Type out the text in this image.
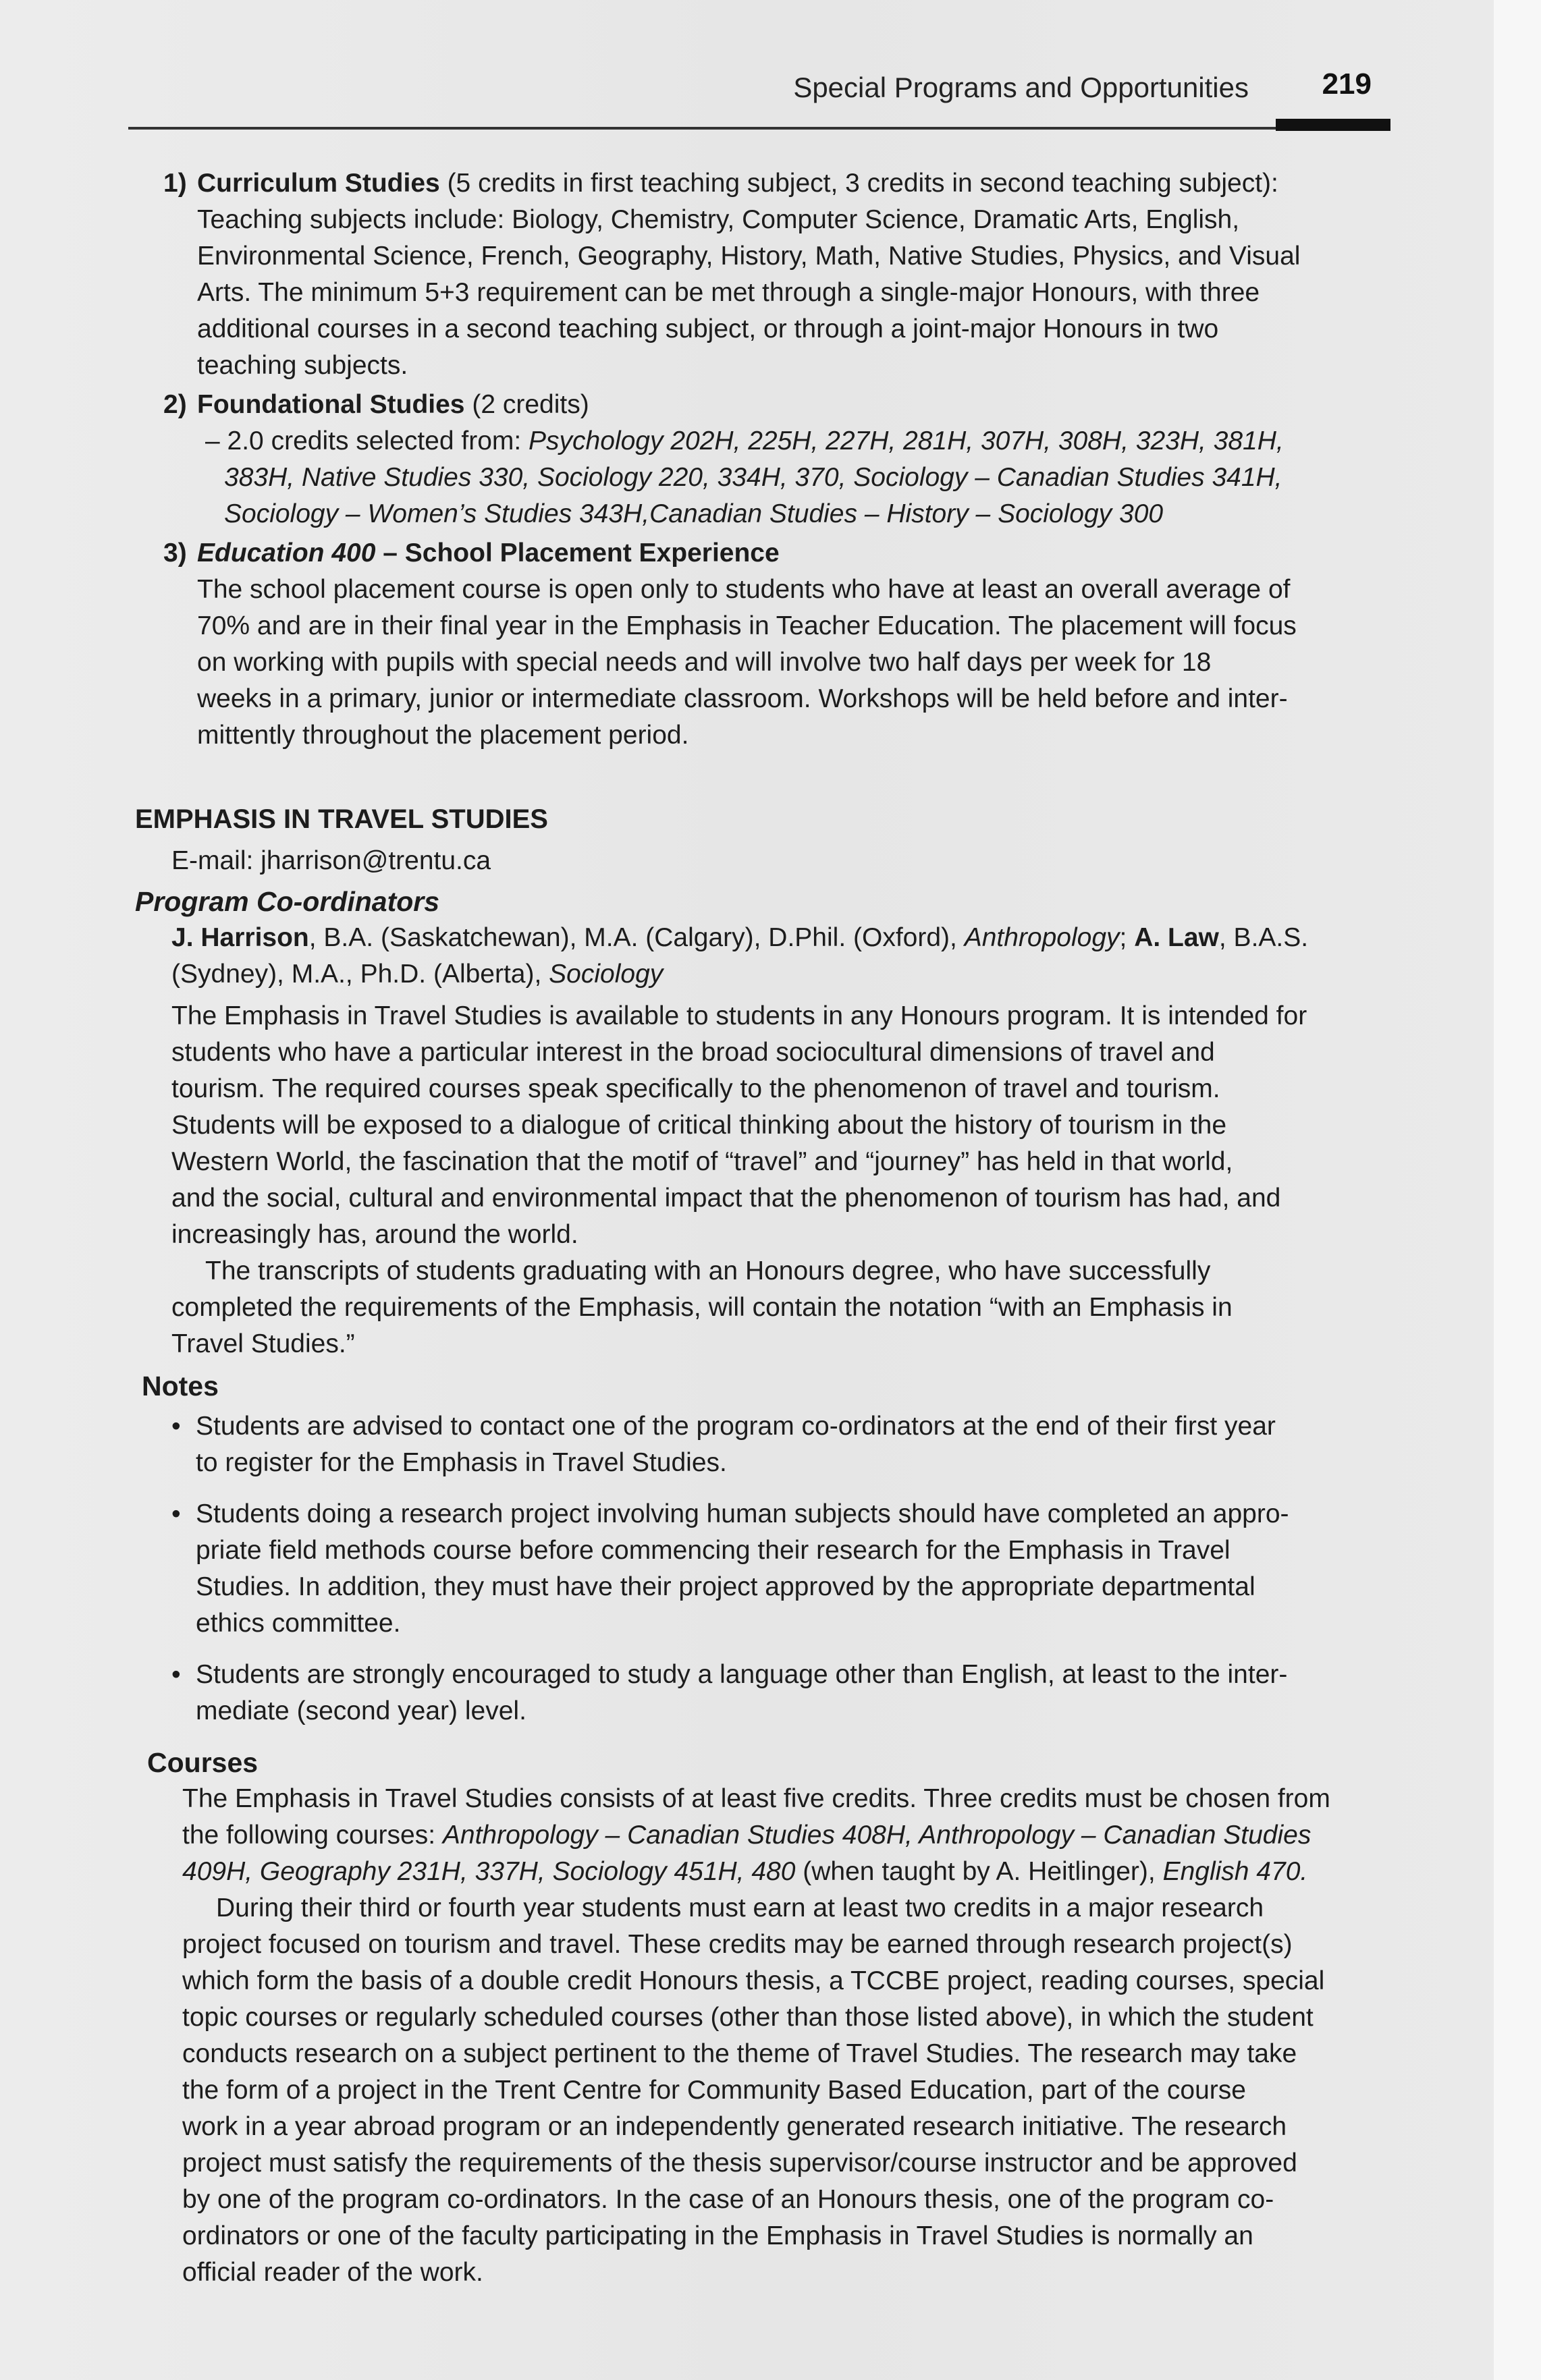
Special Programs and Opportunities 219
1) Curriculum Studies (5 credits in first teaching subject, 3 credits in second teaching subject):
Teaching subjects include: Biology, Chemistry, Computer Science, Dramatic Arts, English,
Environmental Science, French, Geography, History, Math, Native Studies, Physics, and Visual
Arts. The minimum 5+3 requirement can be met through a single-major Honours, with three
additional courses in a second teaching subject, or through a joint-major Honours in two
teaching subjects.
2) Foundational Studies (2 credits)
– 2.0 credits selected from: Psychology 202H, 225H, 227H, 281H, 307H, 308H, 323H, 381H,
383H, Native Studies 330, Sociology 220, 334H, 370, Sociology – Canadian Studies 341H,
Sociology – Women’s Studies 343H,Canadian Studies – History – Sociology 300
3) Education 400 – School Placement Experience
The school placement course is open only to students who have at least an overall average of
70% and are in their final year in the Emphasis in Teacher Education. The placement will focus
on working with pupils with special needs and will involve two half days per week for 18
weeks in a primary, junior or intermediate classroom. Workshops will be held before and inter-
mittently throughout the placement period.
EMPHASIS IN TRAVEL STUDIES
E-mail: jharrison@trentu.ca
Program Co-ordinators
J. Harrison, B.A. (Saskatchewan), M.A. (Calgary), D.Phil. (Oxford), Anthropology; A. Law, B.A.S.
(Sydney), M.A., Ph.D. (Alberta), Sociology
The Emphasis in Travel Studies is available to students in any Honours program. It is intended for
students who have a particular interest in the broad sociocultural dimensions of travel and
tourism. The required courses speak specifically to the phenomenon of travel and tourism.
Students will be exposed to a dialogue of critical thinking about the history of tourism in the
Western World, the fascination that the motif of “travel” and “journey” has held in that world,
and the social, cultural and environmental impact that the phenomenon of tourism has had, and
increasingly has, around the world.
The transcripts of students graduating with an Honours degree, who have successfully
completed the requirements of the Emphasis, will contain the notation “with an Emphasis in
Travel Studies.”
Notes
• Students are advised to contact one of the program co-ordinators at the end of their first year
to register for the Emphasis in Travel Studies.
• Students doing a research project involving human subjects should have completed an appro-
priate field methods course before commencing their research for the Emphasis in Travel
Studies. In addition, they must have their project approved by the appropriate departmental
ethics committee.
• Students are strongly encouraged to study a language other than English, at least to the inter-
mediate (second year) level.
Courses
The Emphasis in Travel Studies consists of at least five credits. Three credits must be chosen from
the following courses: Anthropology – Canadian Studies 408H, Anthropology – Canadian Studies
409H, Geography 231H, 337H, Sociology 451H, 480 (when taught by A. Heitlinger), English 470.
During their third or fourth year students must earn at least two credits in a major research
project focused on tourism and travel. These credits may be earned through research project(s)
which form the basis of a double credit Honours thesis, a TCCBE project, reading courses, special
topic courses or regularly scheduled courses (other than those listed above), in which the student
conducts research on a subject pertinent to the theme of Travel Studies. The research may take
the form of a project in the Trent Centre for Community Based Education, part of the course
work in a year abroad program or an independently generated research initiative. The research
project must satisfy the requirements of the thesis supervisor/course instructor and be approved
by one of the program co-ordinators. In the case of an Honours thesis, one of the program co-
ordinators or one of the faculty participating in the Emphasis in Travel Studies is normally an
official reader of the work.
